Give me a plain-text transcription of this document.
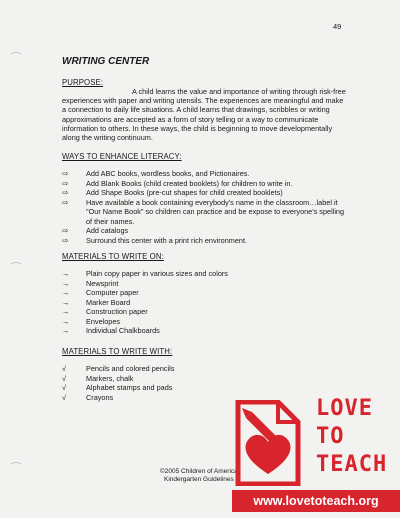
49
WRITING CENTER
PURPOSE:
A child learns the value and importance of writing through risk-free experiences with paper and writing utensils. The experiences are meaningful and make a connection to daily life situations. A child learns that drawings, scribbles or writing approximations are accepted as a form of story telling or a way to communicate information to others. In these ways, the child is beginning to move developmentally along the writing continuum.
WAYS TO ENHANCE LITERACY:
⇨	Add ABC books, wordless books, and Pictionaires.
⇨	Add Blank Books (child created booklets) for children to write in.
⇨	Add Shape Books (pre-cut shapes for child created booklets)
⇨	Have available a book containing everybody's name in the classroom…label it "Our Name Book" so children can practice and be expose to everyone's spelling of their names.
⇨	Add catalogs
⇨	Surround this center with a print rich environment.
MATERIALS TO WRITE ON:
→	Plain copy paper in various sizes and colors
→	Newsprint
→	Computer paper
→	Marker Board
→	Construction paper
→	Envelopes
→	Individual Chalkboards
MATERIALS TO WRITE WITH:
√	Pencils and colored pencils
√	Markers, chalk
√	Alphabet stamps and pads
√	Crayons
©2005 Children of America
Kindergarten Guidelines
LOVE
TO
TEACH
www.lovetoteach.org
